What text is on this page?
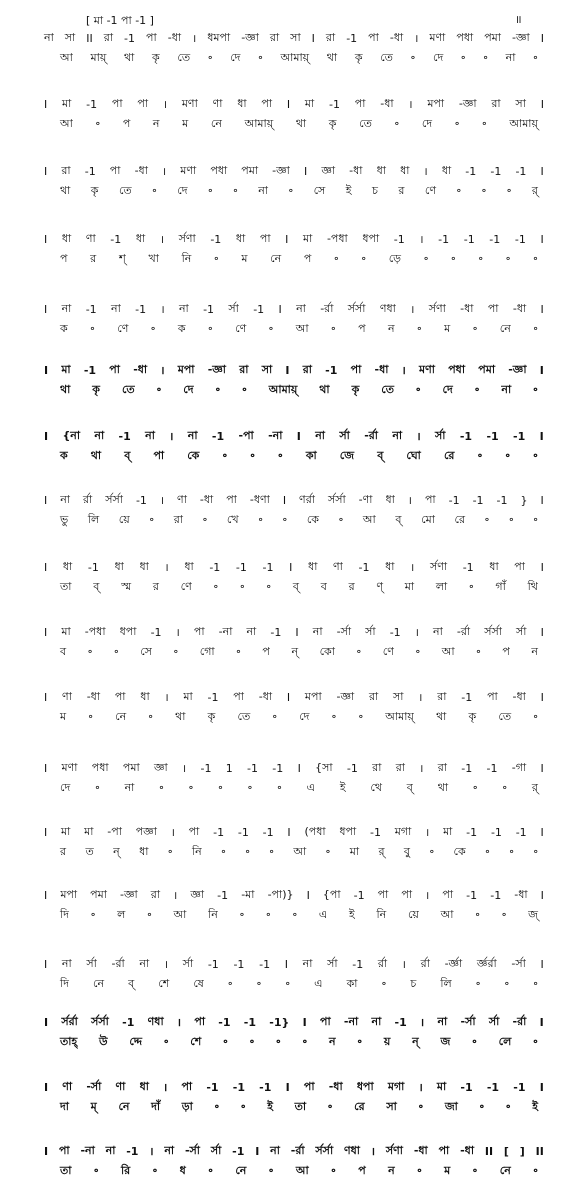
[ মা -1 পা -1 ]	॥
না সা II রা -1 পা -ধা । ধমপা -জ্ঞা রা সা I রা -1 পা -ধা । মণা পধা পমা -জ্ঞা I
আ মায়্ থা কৃ তে ॰ দে ॰ আমায়্ থা কৃ তে ॰ দে ॰ ॰ না ॰
I মা -1 পা পা । মণা ণা ধা পা I মা -1 পা -ধা । মপা -জ্ঞা রা সা I
আ ॰ প ন ম নে আমায়্ থা কৃ তে ॰ দে ॰ ॰ আমায়্
I রা -1 পা -ধা । মণা পধা পমা -জ্ঞা I জ্ঞা -ধা ধা ধা । ধা -1 -1 -1 I
থা কৃ তে ॰ দে ॰ ॰ না ॰ সে ই চ র ণে ॰ ॰ ॰ র্
I ধা ণা -1 ধা । র্সণা -1 ধা পা I মা -পধা ধপা -1 । -1 -1 -1 -1 I
প র শ্ খা নি ॰ ম নে প ॰ ॰ ড়ে ॰ ॰ ॰ ॰ ॰
I না -1 না -1 । না -1 র্সা -1 I না -র্রা র্সর্সা ণধা । র্সণা -ধা পা -ধা I
ক ॰ ণে ॰ ক ॰ ণে ॰ আ ॰ প ন ॰ ম ॰ নে ॰
I মা -1 পা -ধা । মপা -জ্ঞা রা সা I রা -1 পা -ধা । মণা পধা পমা -জ্ঞা I
থা কৃ তে ॰ দে ॰ ॰ আমায়্ থা কৃ তে ॰ দে ॰ না ॰
I {না না -1 না । না -1 -পা -না I না র্সা -র্রা না । র্সা -1 -1 -1 I
ক থা ব্ পা কে ॰ ॰ ॰ কা জে ব্ ঘো রে ॰ ॰ ॰
I না র্রা র্সর্সা -1 । ণা -ধা পা -ধণা I ণর্রা র্সর্সা -ণা ধা । পা -1 -1 -1 } I
ভু লি য়ে ॰ রা ॰ খে ॰ ॰ কে ॰ আ ব্ মো রে ॰ ॰ ॰
I ধা -1 ধা ধা । ধা -1 -1 -1 I ধা ণা -1 ধা । র্সণা -1 ধা পা I
তা ব্ স্ম র ণে ॰ ॰ ॰ ব্ ব র ণ্ মা লা ॰ গাঁ থি
I মা -পধা ধপা -1 । পা -না না -1 I না -র্সা র্সা -1 । না -র্রা র্সর্সা র্সা I
ব ॰ ॰ সে ॰ গো ॰ প ন্ কো ॰ ণে ॰ আ ॰ প ন
I ণা -ধা পা ধা । মা -1 পা -ধা I মপা -জ্ঞা রা সা । রা -1 পা -ধা I
ম ॰ নে ॰ থা কৃ তে ॰ দে ॰ ॰ আমায়্ থা কৃ তে ॰
I মণা পধা পমা জ্ঞা । -1 1 -1 -1 I {সা -1 রা রা । রা -1 -1 -গা I
দে ॰ না ॰ ॰ ॰ ॰ ॰ এ ই থে ব্ থা ॰ ॰ র্
I মা মা -পা পজ্ঞা । পা -1 -1 -1 I (পধা ধপা -1 মগা । মা -1 -1 -1 I
র ত ন্ ধা ॰ নি ॰ ॰ ॰ আ ॰ মা র্ বু ॰ কে ॰ ॰ ॰
I মপা পমা -জ্ঞা রা । জ্ঞা -1 -মা -পা)} I {পা -1 পা পা । পা -1 -1 -ধা I
দি ॰ ল ॰ আ নি ॰ ॰ ॰ এ ই নি য়ে আ ॰ ॰ জ্
I না র্সা -র্রা না । র্সা -1 -1 -1 I না র্সা -1 র্রা । র্রা -র্জ্ঞা র্জ্ঞর্রা -র্সা I
দি নে ব্ শে ষে ॰ ॰ ॰ এ কা ॰ চ লি ॰ ॰ ॰
I র্সর্রা র্সর্সা -1 ণধা । পা -1 -1 -1} I পা -না না -1 । না -র্সা র্সা -র্রা I
তাহ্ উ দ্দে ॰ শে ॰ ॰ ॰ ॰ ন ॰ য় ন্ জ ॰ লে ॰
I ণা -র্সা ণা ধা । পা -1 -1 -1 I পা -ধা ধপা মগা । মা -1 -1 -1 I
দা ম্ নে দাঁ ড়া ॰ ॰ ই তা ॰ রে সা ॰ জা ॰ ॰ ই
I পা -না না -1 । না -র্সা র্সা -1 I না -র্রা র্সর্সা ণধা । র্সণা -ধা পা -ধা II [ ] II
তা ॰ রি ॰ ধ ॰ নে ॰ আ ॰ প ন ॰ ম ॰ নে ॰
